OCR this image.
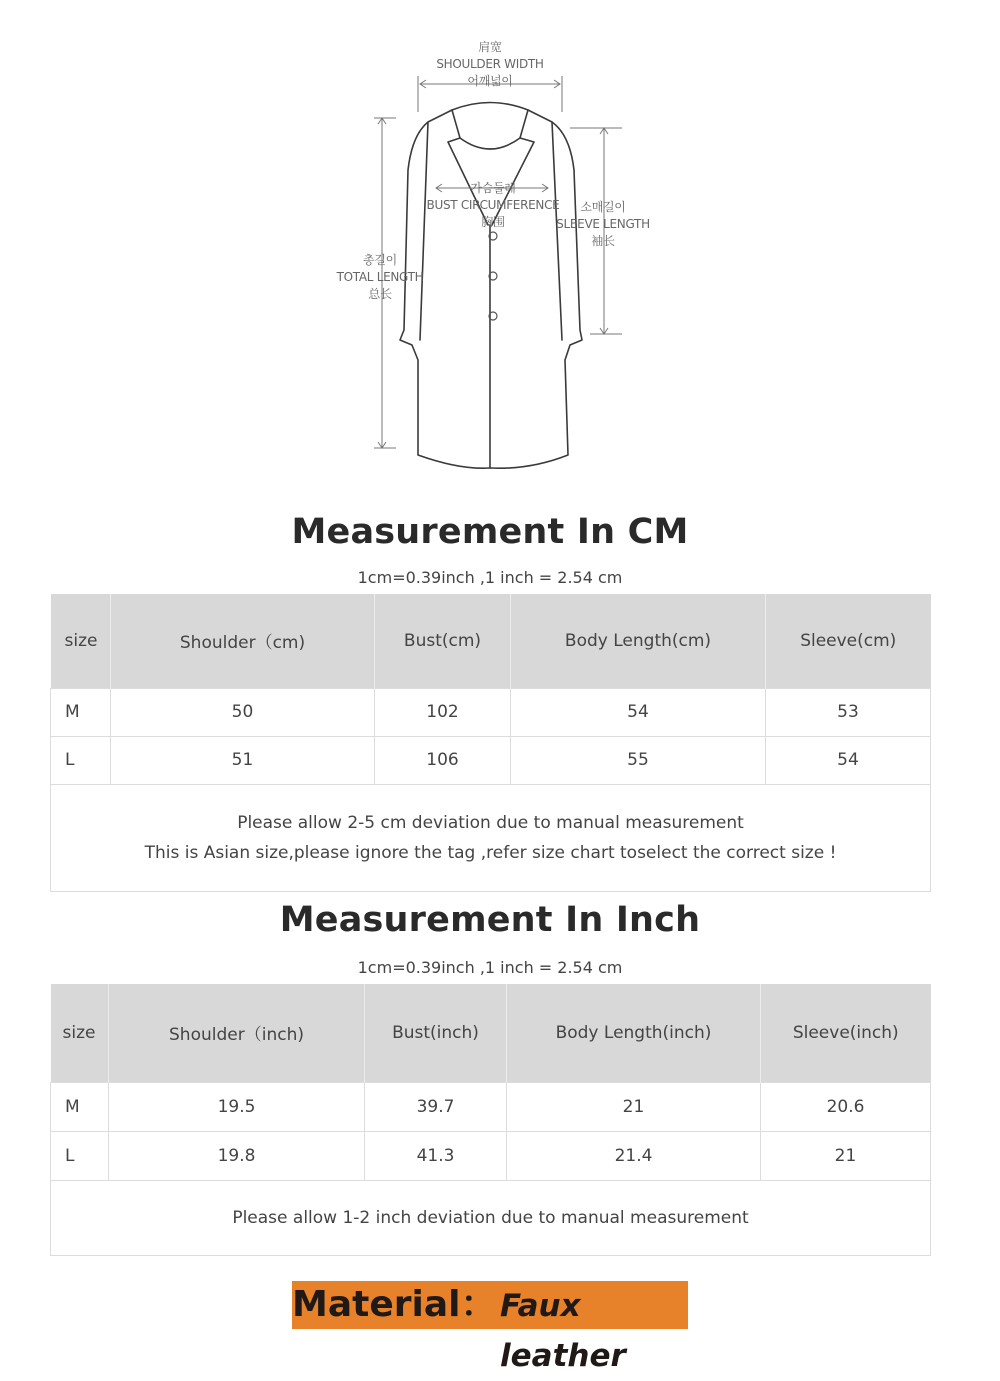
肩宽
SHOULDER WIDTH
어깨넓이
가슴둘레
BUST CIRCUMFERENCE
胸围
소매길이
SLEEVE LENGTH
袖长
총길이
TOTAL LENGTH
总长
Measurement In CM
1cm=0.39inch ,1 inch = 2.54 cm
size	Shoulder（cm)	Bust(cm)	Body Length(cm)	Sleeve(cm)
M	50	102	54	53
L	51	106	55	54

Please allow 2-5 cm deviation due to manual measurement
This is Asian size,please ignore the tag ,refer size chart toselect the correct size !				
Measurement In Inch
1cm=0.39inch ,1 inch = 2.54 cm
size	Shoulder（inch)	Bust(inch)	Body Length(inch)	Sleeve(inch)
M	19.5	39.7	21	20.6
L	19.8	41.3	21.4	21
Please allow 1-2 inch deviation due to manual measurement				
Material： Faux leather
